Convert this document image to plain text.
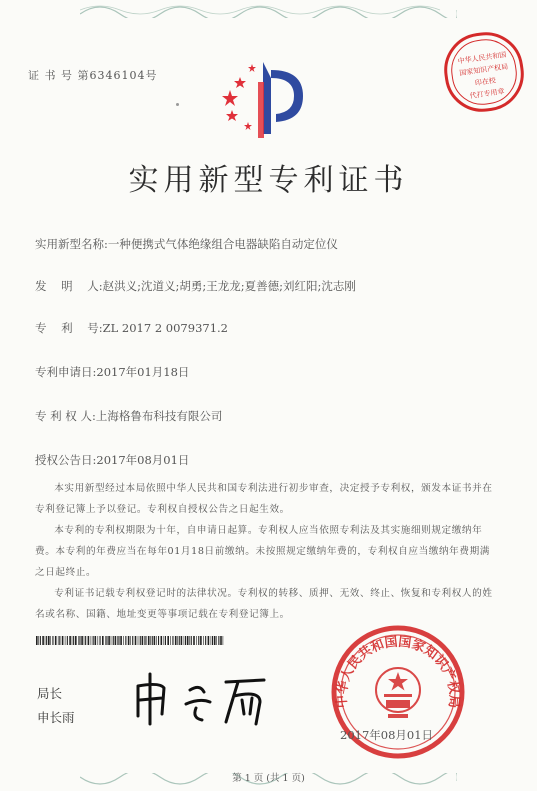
证 书 号 第6346104号
中华人民共和国
国家知识产权局
印在校
代打专用章
实用新型专利证书
实用新型名称:一种便携式气体绝缘组合电器缺陷自动定位仪
发    明    人:赵洪义;沈道义;胡勇;王龙龙;夏善德;刘红阳;沈志刚
专    利    号:ZL 2017 2 0079371.2
专利申请日:2017年01月18日
专 利 权 人:上海格鲁布科技有限公司
授权公告日:2017年08月01日

本实用新型经过本局依照中华人民共和国专利法进行初步审查，决定授予专利权，颁发本证书并在专利登记簿上予以登记。专利权自授权公告之日起生效。

本专利的专利权期限为十年，自申请日起算。专利权人应当依照专利法及其实施细则规定缴纳年费。本专利的年费应当在每年01月18日前缴纳。未按照规定缴纳年费的，专利权自应当缴纳年费期满之日起终止。

专利证书记载专利权登记时的法律状况。专利权的转移、质押、无效、终止、恢复和专利权人的姓名或名称、国籍、地址变更等事项记载在专利登记簿上。

局长
申长雨
中华人民共和国国家知识产权局
2017年08月01日
第 1 页 (共 1 页)
